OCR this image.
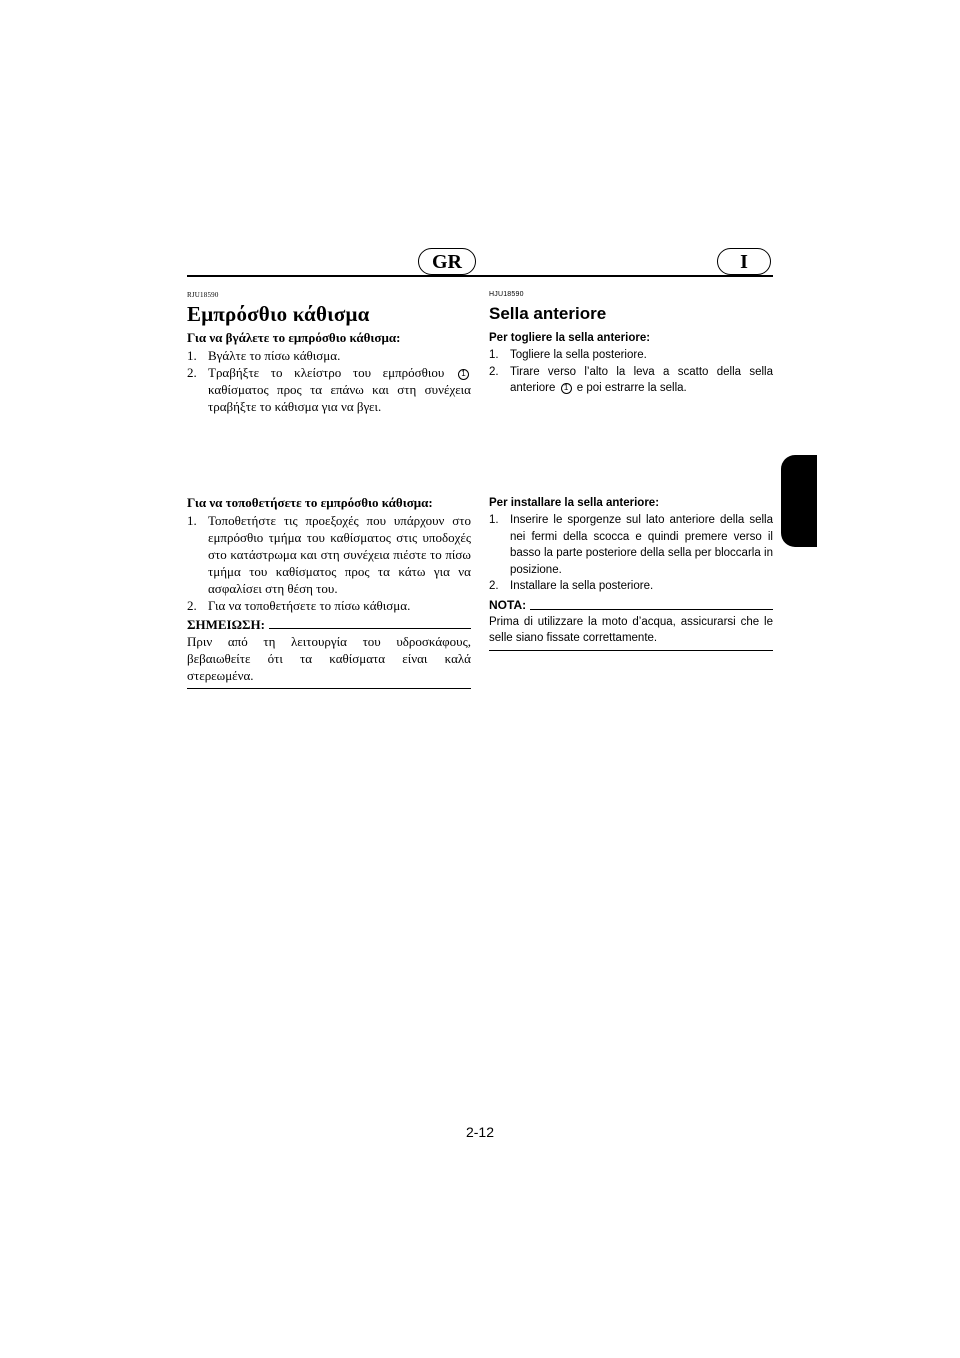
GR	I
RJU18590
Εμπρόσθιο κάθισμα
Για να βγάλετε το εμπρόσθιο κάθισμα:
1. Βγάλτε το πίσω κάθισμα.
2. Τραβήξτε το κλείστρο του εμπρόσθιου 1 καθίσματος προς τα επάνω και στη συνέχεια τραβήξτε το κάθισμα για να βγει.
Για να τοποθετήσετε το εμπρόσθιο κάθισμα:
1. Τοποθετήστε τις προεξοχές που υπάρχουν στο εμπρόσθιο τμήμα του καθίσματος στις υποδοχές στο κατάστρωμα και στη συνέχεια πιέστε το πίσω τμήμα του καθίσματος προς τα κάτω για να ασφαλίσει στη θέση του.
2. Για να τοποθετήσετε το πίσω κάθισμα.
ΣΗΜΕΙΩΣΗ:
Πριν από τη λειτουργία του υδροσκάφους, βεβαιωθείτε ότι τα καθίσματα είναι καλά στερεωμένα.
HJU18590
Sella anteriore
Per togliere la sella anteriore:
1. Togliere la sella posteriore.
2. Tirare verso l’alto la leva a scatto della sella anteriore 1 e poi estrarre la sella.
Per installare la sella anteriore:
1. Inserire le sporgenze sul lato anteriore della sella nei fermi della scocca e quindi premere verso il basso la parte posteriore della sella per bloccarla in posizione.
2. Installare la sella posteriore.
NOTA:
Prima di utilizzare la moto d’acqua, assicurarsi che le selle siano fissate correttamente.
2-12
